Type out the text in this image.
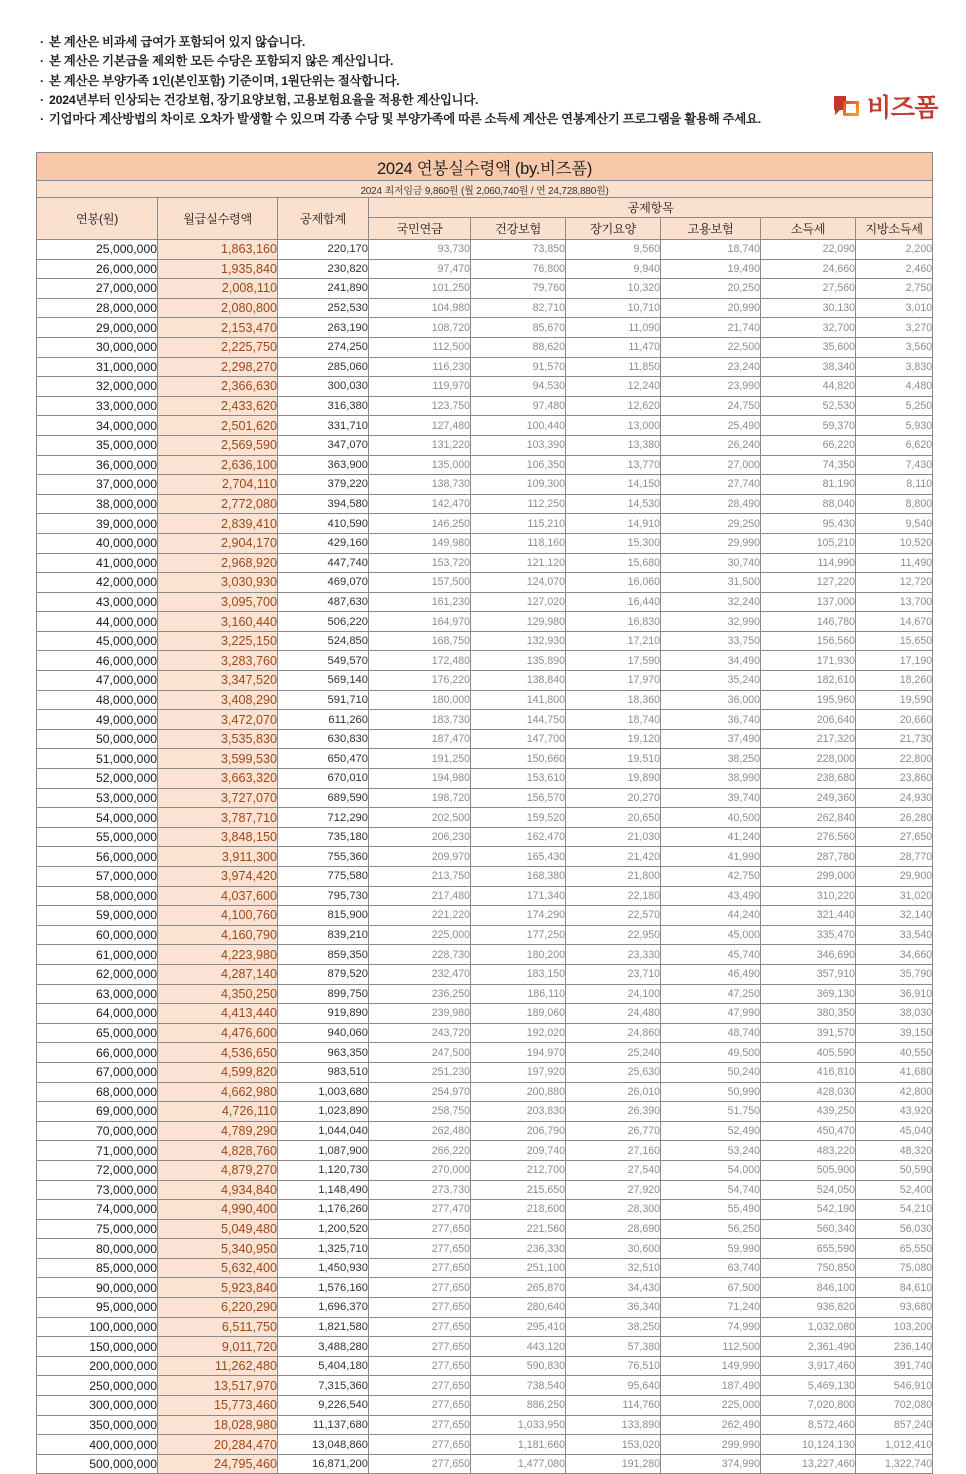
· 본 계산은 비과세 급여가 포함되어 있지 않습니다.
· 본 계산은 기본급을 제외한 모든 수당은 포함되지 않은 계산입니다.
· 본 계산은 부양가족 1인(본인포함) 기준이며, 1원단위는 절삭합니다.
· 2024년부터 인상되는 건강보험, 장기요양보험, 고용보험요율을 적용한 계산입니다.
· 기업마다 계산방법의 차이로 오차가 발생할 수 있으며 각종 수당 및 부양가족에 따른 소득세 계산은 연봉계산기 프로그램을 활용해 주세요.	비즈폼
2024 연봉실수령액 (by.비즈폼)								
2024 최저임금 9,860원 (월 2,060,740원 / 연 24,728,880원)								
연봉(원)	월급실수령액	공제합계	공제항목					
			국민연금	건강보험	장기요양	고용보험	소득세	지방소득세
25,000,000	1,863,160	220,170	93,730	73,850	9,560	18,740	22,090	2,200
26,000,000	1,935,840	230,820	97,470	76,800	9,940	19,490	24,660	2,460
27,000,000	2,008,110	241,890	101,250	79,760	10,320	20,250	27,560	2,750
28,000,000	2,080,800	252,530	104,980	82,710	10,710	20,990	30,130	3,010
29,000,000	2,153,470	263,190	108,720	85,670	11,090	21,740	32,700	3,270
30,000,000	2,225,750	274,250	112,500	88,620	11,470	22,500	35,600	3,560
31,000,000	2,298,270	285,060	116,230	91,570	11,850	23,240	38,340	3,830
32,000,000	2,366,630	300,030	119,970	94,530	12,240	23,990	44,820	4,480
33,000,000	2,433,620	316,380	123,750	97,480	12,620	24,750	52,530	5,250
34,000,000	2,501,620	331,710	127,480	100,440	13,000	25,490	59,370	5,930
35,000,000	2,569,590	347,070	131,220	103,390	13,380	26,240	66,220	6,620
36,000,000	2,636,100	363,900	135,000	106,350	13,770	27,000	74,350	7,430
37,000,000	2,704,110	379,220	138,730	109,300	14,150	27,740	81,190	8,110
38,000,000	2,772,080	394,580	142,470	112,250	14,530	28,490	88,040	8,800
39,000,000	2,839,410	410,590	146,250	115,210	14,910	29,250	95,430	9,540
40,000,000	2,904,170	429,160	149,980	118,160	15,300	29,990	105,210	10,520
41,000,000	2,968,920	447,740	153,720	121,120	15,680	30,740	114,990	11,490
42,000,000	3,030,930	469,070	157,500	124,070	16,060	31,500	127,220	12,720
43,000,000	3,095,700	487,630	161,230	127,020	16,440	32,240	137,000	13,700
44,000,000	3,160,440	506,220	164,970	129,980	16,830	32,990	146,780	14,670
45,000,000	3,225,150	524,850	168,750	132,930	17,210	33,750	156,560	15,650
46,000,000	3,283,760	549,570	172,480	135,890	17,590	34,490	171,930	17,190
47,000,000	3,347,520	569,140	176,220	138,840	17,970	35,240	182,610	18,260
48,000,000	3,408,290	591,710	180,000	141,800	18,360	36,000	195,960	19,590
49,000,000	3,472,070	611,260	183,730	144,750	18,740	36,740	206,640	20,660
50,000,000	3,535,830	630,830	187,470	147,700	19,120	37,490	217,320	21,730
51,000,000	3,599,530	650,470	191,250	150,660	19,510	38,250	228,000	22,800
52,000,000	3,663,320	670,010	194,980	153,610	19,890	38,990	238,680	23,860
53,000,000	3,727,070	689,590	198,720	156,570	20,270	39,740	249,360	24,930
54,000,000	3,787,710	712,290	202,500	159,520	20,650	40,500	262,840	26,280
55,000,000	3,848,150	735,180	206,230	162,470	21,030	41,240	276,560	27,650
56,000,000	3,911,300	755,360	209,970	165,430	21,420	41,990	287,780	28,770
57,000,000	3,974,420	775,580	213,750	168,380	21,800	42,750	299,000	29,900
58,000,000	4,037,600	795,730	217,480	171,340	22,180	43,490	310,220	31,020
59,000,000	4,100,760	815,900	221,220	174,290	22,570	44,240	321,440	32,140
60,000,000	4,160,790	839,210	225,000	177,250	22,950	45,000	335,470	33,540
61,000,000	4,223,980	859,350	228,730	180,200	23,330	45,740	346,690	34,660
62,000,000	4,287,140	879,520	232,470	183,150	23,710	46,490	357,910	35,790
63,000,000	4,350,250	899,750	236,250	186,110	24,100	47,250	369,130	36,910
64,000,000	4,413,440	919,890	239,980	189,060	24,480	47,990	380,350	38,030
65,000,000	4,476,600	940,060	243,720	192,020	24,860	48,740	391,570	39,150
66,000,000	4,536,650	963,350	247,500	194,970	25,240	49,500	405,590	40,550
67,000,000	4,599,820	983,510	251,230	197,920	25,630	50,240	416,810	41,680
68,000,000	4,662,980	1,003,680	254,970	200,880	26,010	50,990	428,030	42,800
69,000,000	4,726,110	1,023,890	258,750	203,830	26,390	51,750	439,250	43,920
70,000,000	4,789,290	1,044,040	262,480	206,790	26,770	52,490	450,470	45,040
71,000,000	4,828,760	1,087,900	266,220	209,740	27,160	53,240	483,220	48,320
72,000,000	4,879,270	1,120,730	270,000	212,700	27,540	54,000	505,900	50,590
73,000,000	4,934,840	1,148,490	273,730	215,650	27,920	54,740	524,050	52,400
74,000,000	4,990,400	1,176,260	277,470	218,600	28,300	55,490	542,190	54,210
75,000,000	5,049,480	1,200,520	277,650	221,560	28,690	56,250	560,340	56,030
80,000,000	5,340,950	1,325,710	277,650	236,330	30,600	59,990	655,590	65,550
85,000,000	5,632,400	1,450,930	277,650	251,100	32,510	63,740	750,850	75,080
90,000,000	5,923,840	1,576,160	277,650	265,870	34,430	67,500	846,100	84,610
95,000,000	6,220,290	1,696,370	277,650	280,640	36,340	71,240	936,820	93,680
100,000,000	6,511,750	1,821,580	277,650	295,410	38,250	74,990	1,032,080	103,200
150,000,000	9,011,720	3,488,280	277,650	443,120	57,380	112,500	2,361,490	236,140
200,000,000	11,262,480	5,404,180	277,650	590,830	76,510	149,990	3,917,460	391,740
250,000,000	13,517,970	7,315,360	277,650	738,540	95,640	187,490	5,469,130	546,910
300,000,000	15,773,460	9,226,540	277,650	886,250	114,760	225,000	7,020,800	702,080
350,000,000	18,028,980	11,137,680	277,650	1,033,950	133,890	262,490	8,572,460	857,240
400,000,000	20,284,470	13,048,860	277,650	1,181,660	153,020	299,990	10,124,130	1,012,410
500,000,000	24,795,460	16,871,200	277,650	1,477,080	191,280	374,990	13,227,460	1,322,740
